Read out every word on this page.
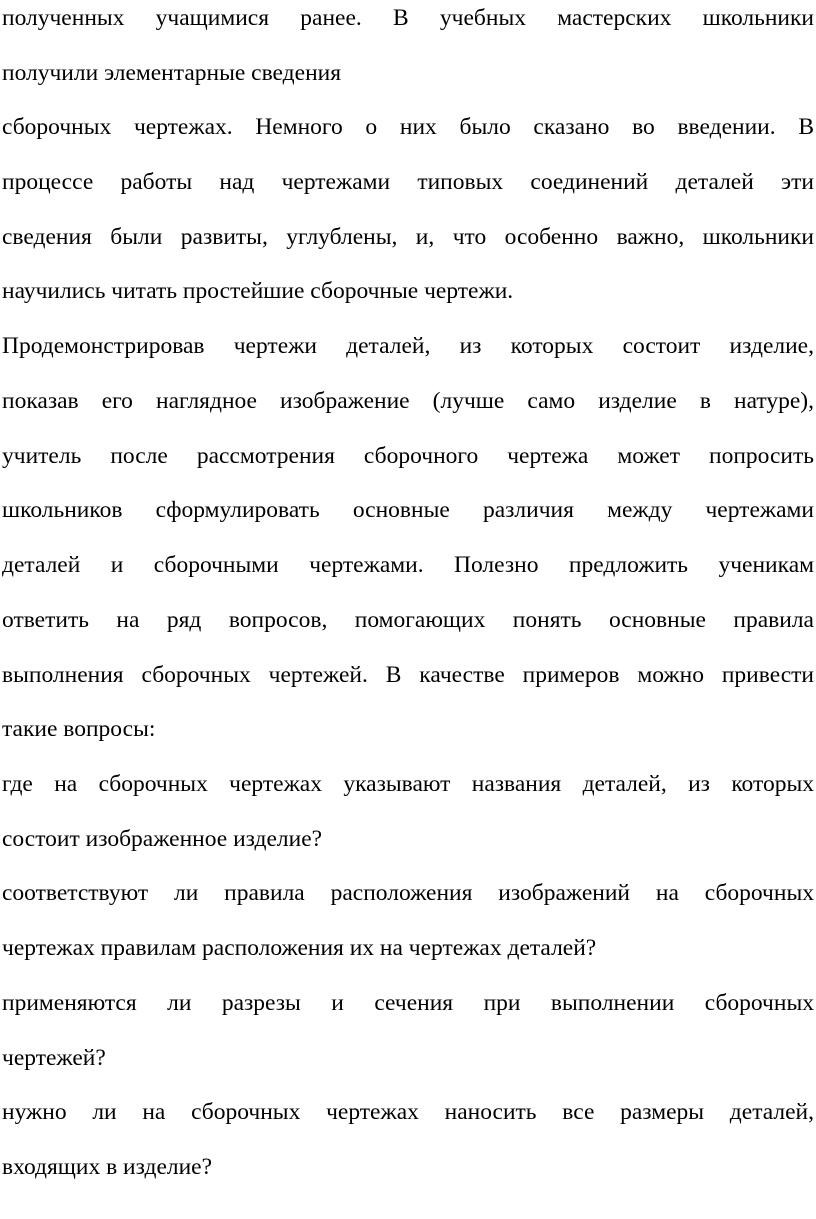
полученных учащимися ранее. В учебных мастерских школьники
получили элементарные сведения
сборочных чертежах. Немного о них было сказано во введении. В
процессе работы над чертежами типовых соединений деталей эти
сведения были развиты, углублены, и, что особенно важно, школьники
научились читать простейшие сборочные чертежи.
Продемонстрировав чертежи деталей, из которых состоит изделие,
показав его наглядное изображение (лучше само изделие в натуре),
учитель после рассмотрения сборочного чертежа может попросить
школьников сформулировать основные различия между чертежами
деталей и сборочными чертежами. Полезно предложить ученикам
ответить на ряд вопросов, помогающих понять основные правила
выполнения сборочных чертежей. В качестве примеров можно привести
такие вопросы:
где на сборочных чертежах указывают названия деталей, из которых
состоит изображенное изделие?
соответствуют ли правила расположения изображений на сборочных
чертежах правилам расположения их на чертежах деталей?
применяются ли разрезы и сечения при выполнении сборочных
чертежей?
нужно ли на сборочных чертежах наносить все размеры деталей,
входящих в изделие?
